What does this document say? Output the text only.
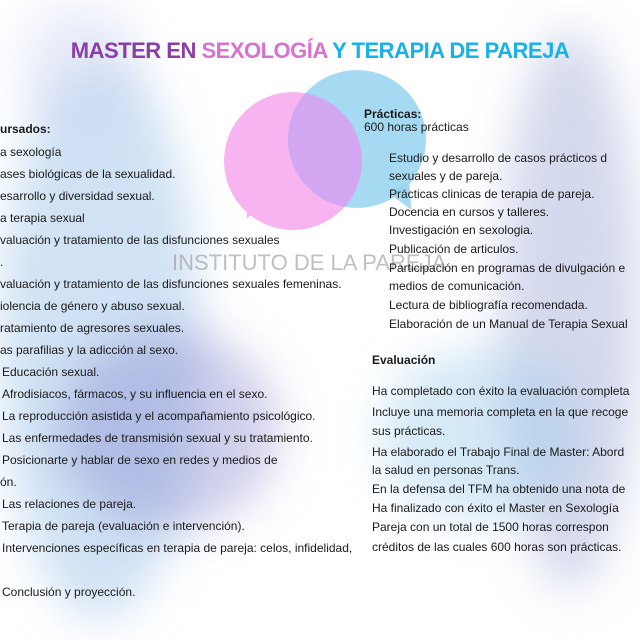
MASTER EN SEXOLOGÍA Y TERAPIA DE PAREJA
INSTITUTO DE LA PAREJA
ursados:
a sexología
ases biológicas de la sexualidad.
esarrollo y diversidad sexual.
a terapia sexual
valuación y tratamiento de las disfunciones sexuales
.
valuación y tratamiento de las disfunciones sexuales femeninas.
iolencia de género y abuso sexual.
ratamiento de agresores sexuales.
as parafilias y la adicción al sexo.
Educación sexual.
Afrodisiacos, fármacos, y su influencia en el sexo.
La reproducción asistida y el acompañamiento psicológico.
Las enfermedades de transmisión sexual y su tratamiento.
Posicionarte y hablar de sexo en redes y medios de
ón.
Las relaciones de pareja.
Terapia de pareja (evaluación e intervención).
Intervenciones específicas en terapia de pareja: celos, infidelidad,
Conclusión y proyección.
Prácticas:
600 horas prácticas
Estudio y desarrollo de casos prácticos d
sexuales y de pareja.
Prácticas clinicas de terapia de pareja.
Docencia en cursos y talleres.
Investigación en sexologia.
Publicación de articulos.
Participación en programas de divulgación e
medios de comunicación.
Lectura de bibliografía recomendada.
Elaboración de un Manual de Terapia Sexual
Evaluación
Ha completado con éxito la evaluación completa
Incluye una memoria completa en la que recoge
sus prácticas.
Ha elaborado el Trabajo Final de Master: Abord
la salud en personas Trans.
En la defensa del TFM ha obtenido una nota de
Ha finalizado con éxito el Master en Sexología
Pareja con un total de 1500 horas correspon
créditos de las cuales 600 horas son prácticas.
